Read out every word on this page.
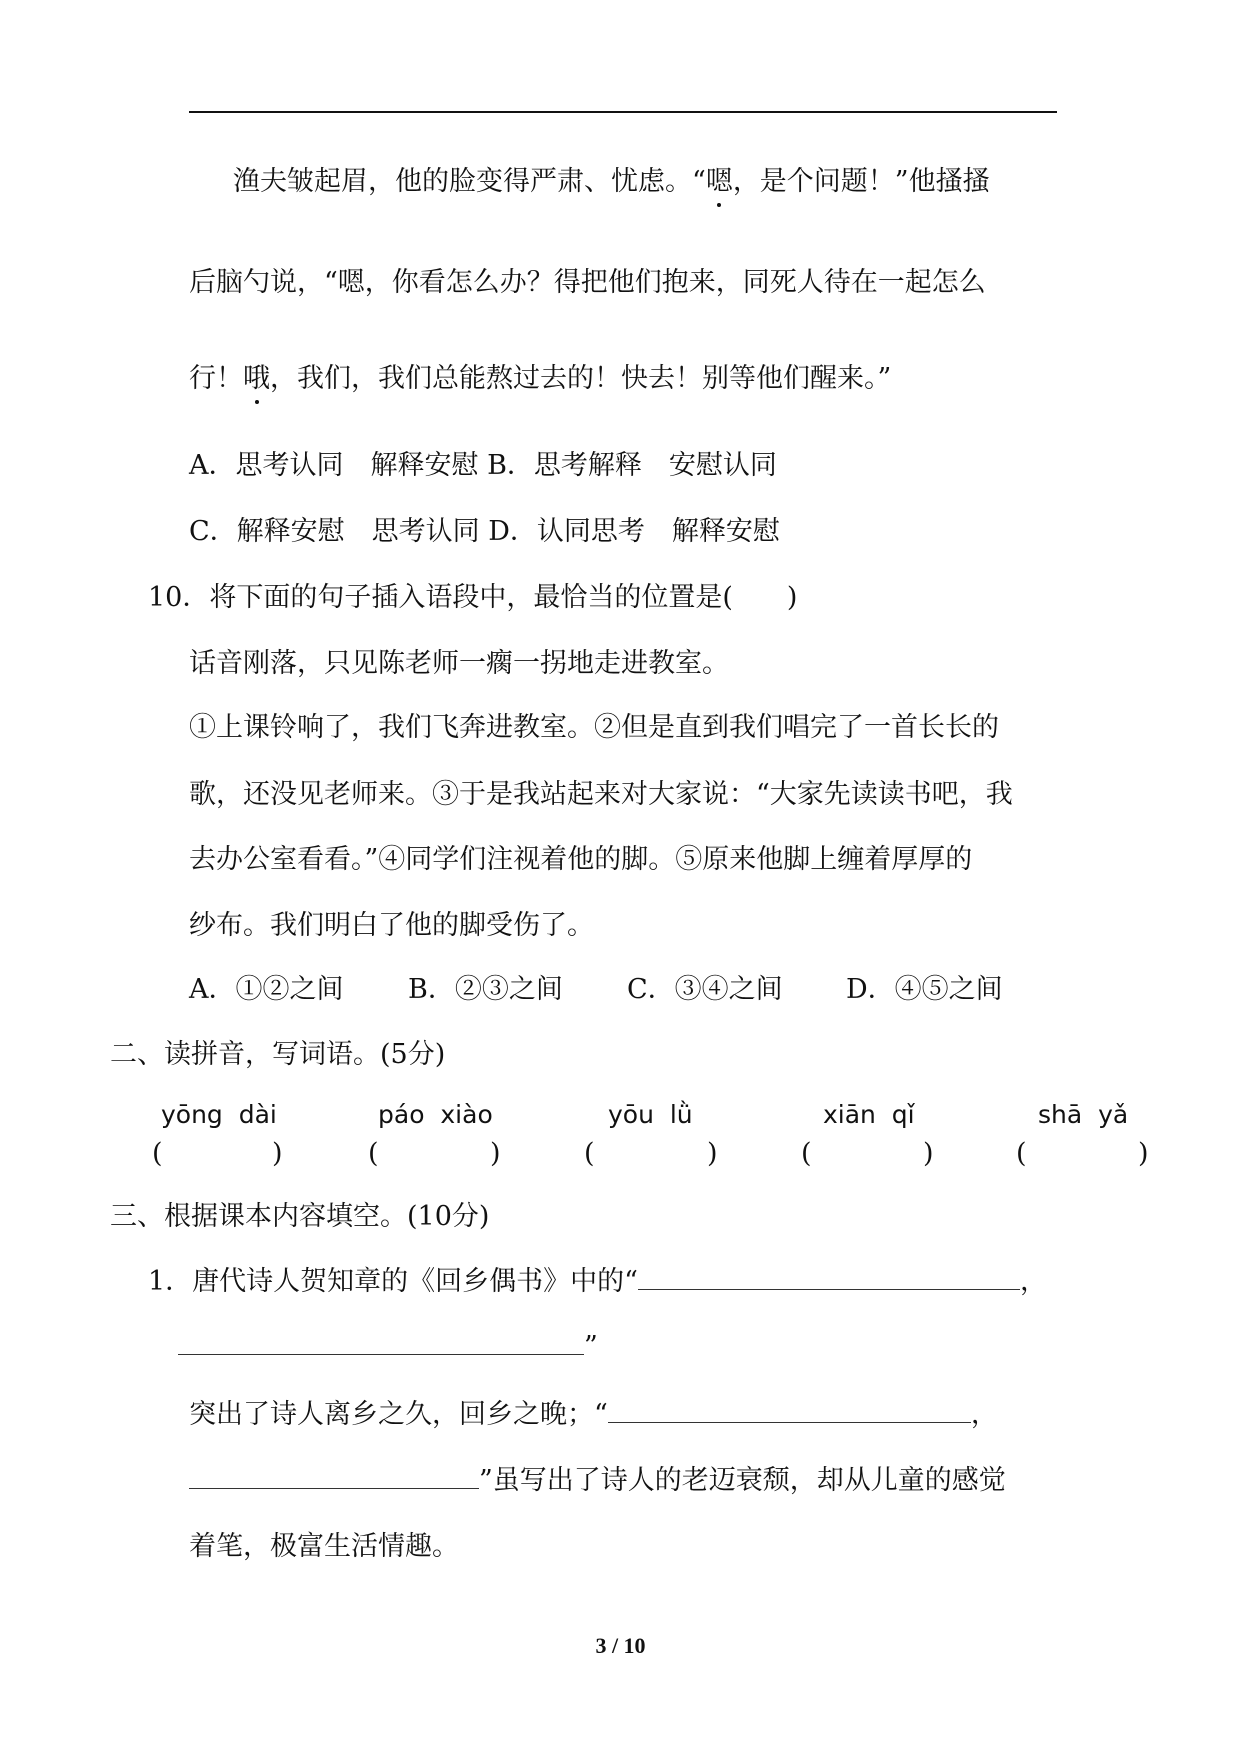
渔夫皱起眉，他的脸变得严肃、忧虑。“嗯，是个问题！”他搔搔
后脑勺说，“嗯，你看怎么办？得把他们抱来，同死人待在一起怎么
行！哦，我们，我们总能熬过去的！快去！别等他们醒来。”
A．思考认同　解释安慰 B．思考解释　安慰认同
C．解释安慰　思考认同 D．认同思考　解释安慰
10．将下面的句子插入语段中，最恰当的位置是(　　)
话音刚落，只见陈老师一瘸一拐地走进教室。
①上课铃响了，我们飞奔进教室。②但是直到我们唱完了一首长长的
歌，还没见老师来。③于是我站起来对大家说：“大家先读读书吧，我
去办公室看看。”④同学们注视着他的脚。⑤原来他脚上缠着厚厚的
纱布。我们明白了他的脚受伤了。
A．①②之间 B．②③之间 C．③④之间 D．④⑤之间
二、读拼音，写词语。(5分)
yōng  dài	páo  xiào	yōu  lǜ	xiān  qǐ	shā  yǎ
(	)	(	)	(	)	(	)	(	)
三、根据课本内容填空。(10分)
1．唐代诗人贺知章的《回乡偶书》中的“	，
”
突出了诗人离乡之久，回乡之晚；“	，
”虽写出了诗人的老迈衰颓，却从儿童的感觉
着笔，极富生活情趣。
3 / 10
